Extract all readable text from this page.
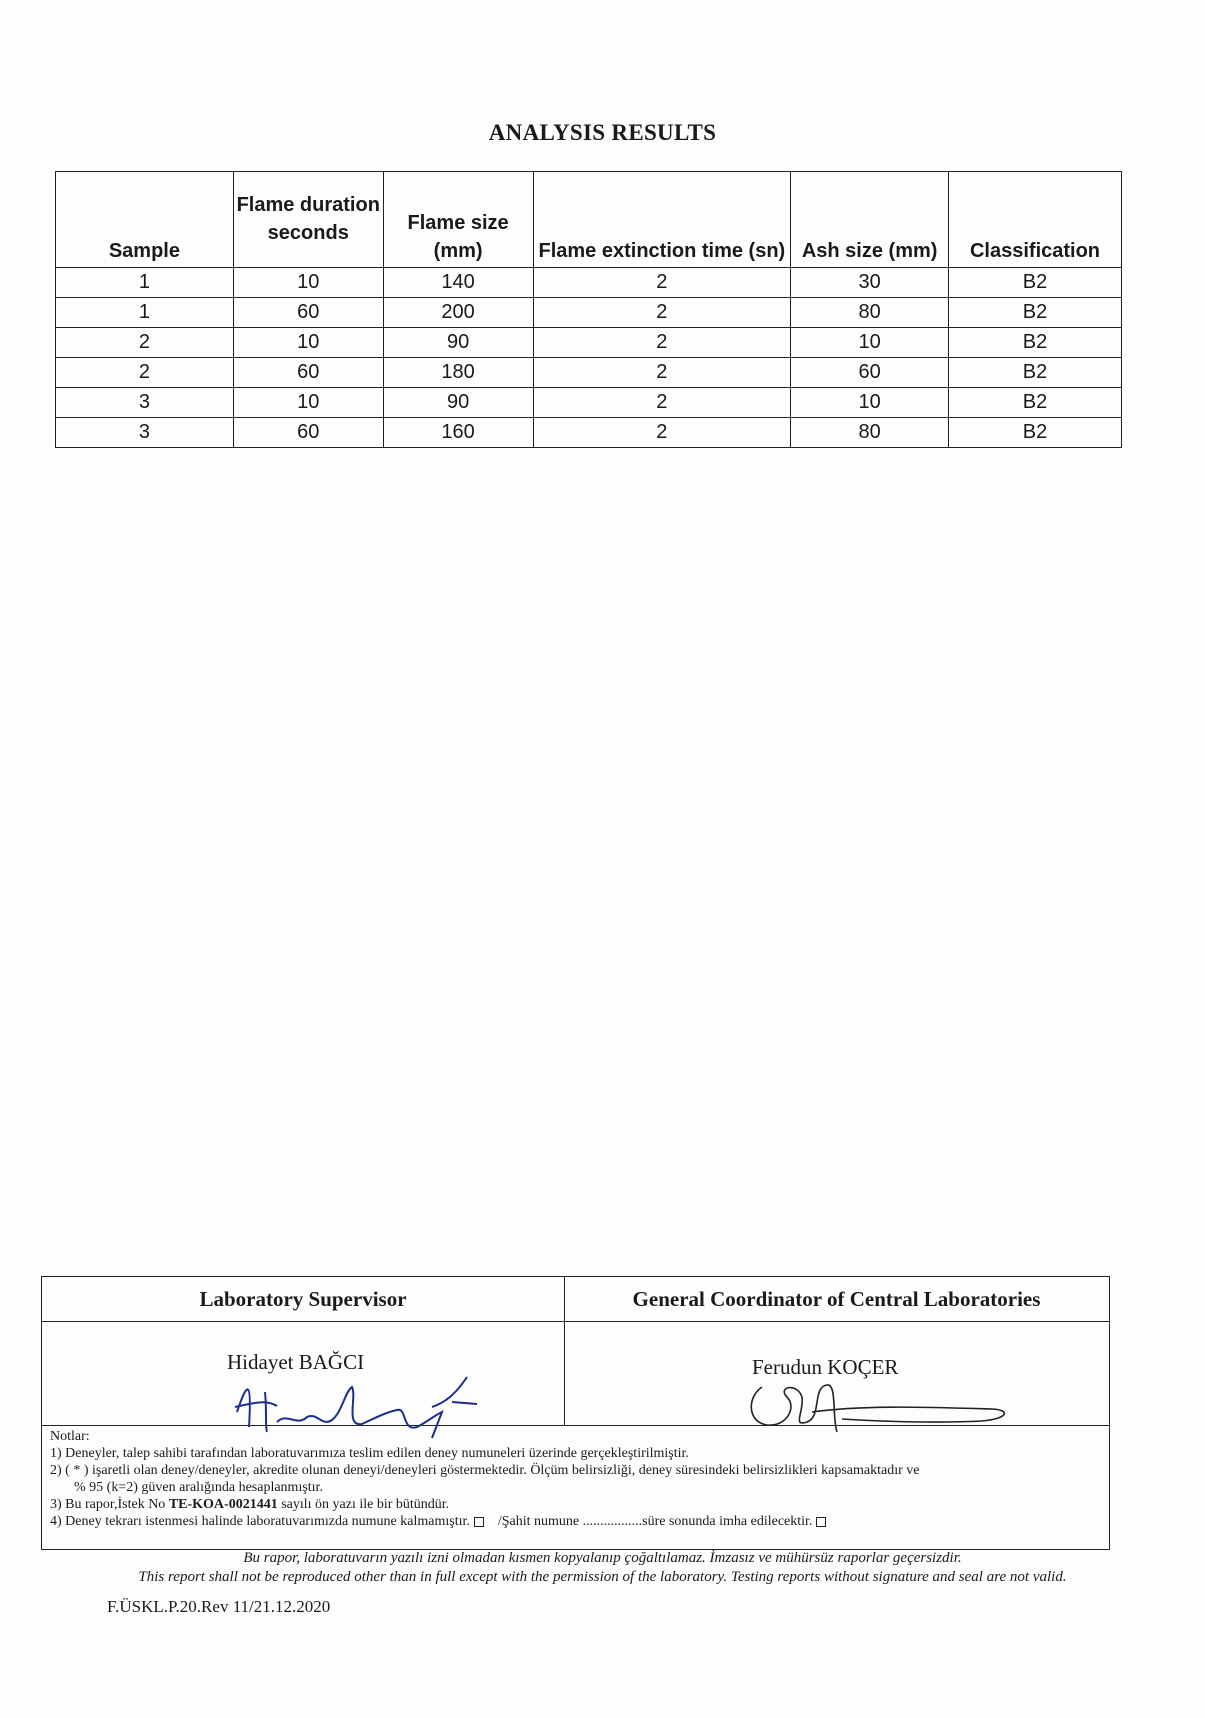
ANALYSIS RESULTS
Sample	Flame duration seconds	Flame size (mm)	Flame extinction time (sn)	Ash size (mm)	Classification
1	10	140	2	30	B2
1	60	200	2	80	B2
2	10	90	2	10	B2
2	60	180	2	60	B2
3	10	90	2	10	B2
3	60	160	2	80	B2
Laboratory Supervisor	General Coordinator of Central Laboratories
Hidayet BAĞCI	Ferudun KOÇER

Notlar:

1) Deneyler, talep sahibi tarafından laboratuvarımıza teslim edilen deney numuneleri üzerinde gerçekleştirilmiştir.

2) ( * ) işaretli olan deney/deneyler, akredite olunan deneyi/deneyleri göstermektedir. Ölçüm belirsizliği, deney süresindeki belirsizlikleri kapsamaktadır ve

% 95 (k=2) güven aralığında hesaplanmıştır.

3) Bu rapor,İstek No TE-KOA-0021441 sayılı ön yazı ile bir bütündür.

4) Deney tekrarı istenmesi halinde laboratuvarımızda numune kalmamıştır. /Şahit numune .................süre sonunda imha edilecektir.

Bu rapor, laboratuvarın yazılı izni olmadan kısmen kopyalanıp çoğaltılamaz. İmzasız ve mühürsüz raporlar geçersizdir.
This report shall not be reproduced other than in full except with the permission of the laboratory. Testing reports without signature and seal are not valid.
F.ÜSKL.P.20.Rev 11/21.12.2020
